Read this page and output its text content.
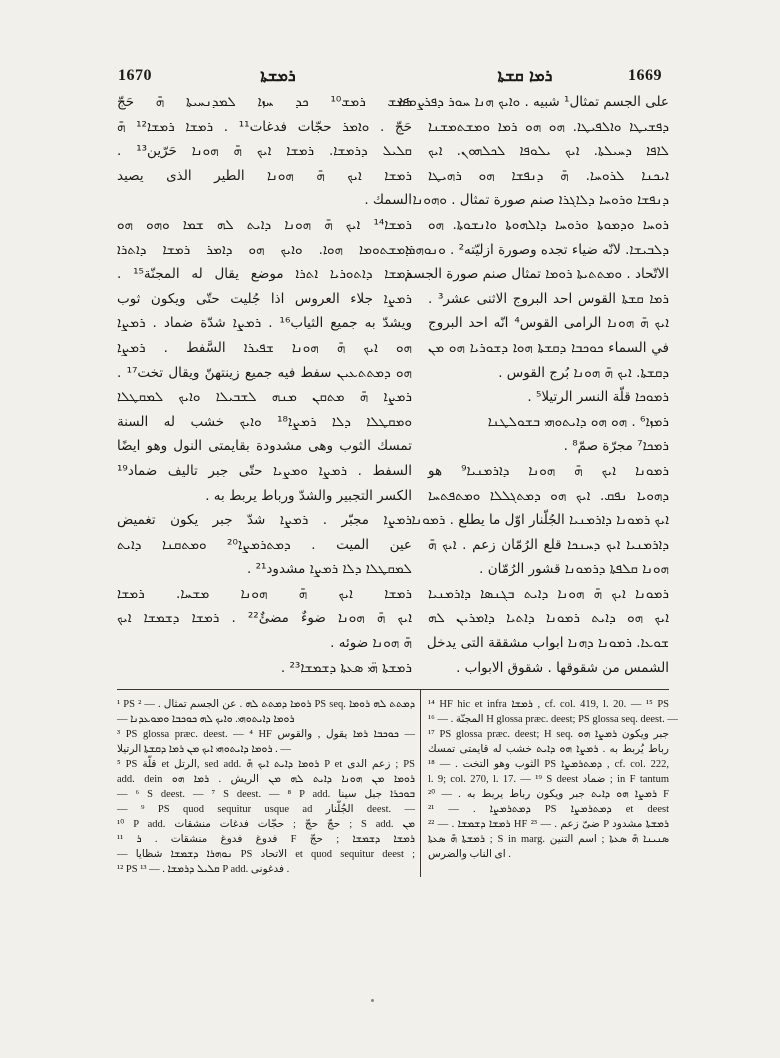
1670	ܪܡܫܬܐ	ܪܡܐ ܩܫܬܐ	1669
ܪܡܫ ܪܡܫ¹⁰ ܟܕ ܚܙܐ ܠܡܕܢܚܝܬܐ ܗ̄ حَجّ
حَجّ . ܘܐܡܪ حجّات فدغات¹¹ . ܪܡܫܐ ܪܡܫܐ¹² ܗ̄
ܩܠܝܠ ܕܪܡܫܐ. ܪܡܫܐ ܐܝܟ ܗ̄ ܗܘܢܐ حَرّين¹³ .
ܪܡܫܐ ܐܝܟ ܗ̄ ܗܘܢܐ الطير الذى يصيد
السمك .
ܪܡܫܐ¹⁴ ܐܝܟ ܗ̄ ܗܘܢܐ ܕܐܝܬ ܠܗ ܫܡܐ ܘܗܘ ܗܘ
ܕܡܫܬܘܡܐ ܗܘܐ. ܘܐܝܟ ܗܘ ܕܐܡܪ ܪܡܫܐ ܕܐܬܪܐ
ܪܡܫܐ ܕܐܬܘܪܝܐ ܐܬܪܐ موضع يقال له المجنّة¹⁵ .
ܪܡܨܐ جلاء العروس اذا جُليت حتّى ويكون ثوب
ويشدّ به جميع الثياب¹⁶ . ܪܡܨܐ شدّة ضماد . ܪܡܨܐ
ܗܘ ܐܝܟ ܗ̄ ܗܘܢܐ ܫܦܝܪܐ السَّفط . ܪܡܨܐ
ܗܘ ܕܡܬܬܥܝܢ سفط فيه جميع زينتهنّ ويقال تخت¹⁷ .
ܪܡܨܐ ܗ̄ ܡܬܩܢ ܡܢܗ ܠܫܒܝܠܐ ܘܐܝܟ ܠܡܩܛܠܐ
ܘܡܩܛܠܐ ܕܠܐ ܪܡܨܐ¹⁸ ܘܐܝܟ خشب له السنة
تمسك الثوب وهى مشدودة بقايمتى النول وهو ايضًا
السفط . ܪܡܨܐ ܘܡܨܝܐ حتّى جبر تاليف ضماد¹⁹
الكسر التجبير والشدّ ورباط يربط به .
ܪܡܨܐ مجبّر . ܪܡܨܐ شدّ جبر يكون تغميض
عين الميت . ܕܡܬܪܡܨܐ²⁰ ܘܡܬܩܢܐ ܕܐܝܬ
ܠܡܩܛܠܐ ܕܠܐ ܪܡܨܐ مشدود²¹ .
ܪܡܫܐ ܐܝܟ ܗ̄ ܗܘܢܐ ܡܫܚܐ. ܪܡܫܐ
ܐܝܟ ܗ̄ ܗܘܢܐ ضوءٌ مضئٌ²² . ܪܡܫܐ ܕܫܡܫܐ ܐܝܟ
ܗ̄ ܗܘܢܐ ضوئه .
ܪܡܫܬܐ ܗ̈ܝ ܣܥܬܐ ܕܫܡܫܐ²³ .
على الجسم تمثال¹ شبيه . ܘܐܝܟ ܗܢܐ ܚܘܪ ܕܦܪܨܘܦܐ
ܕܦܫܝܛܐ ܘܐܠܦܝܛܐ. ܗܘ ܗܘ ܪܡܐ ܘܡܫܬܡܫܢܐ
ܠܐܦܐ ܕܚܝܠܬܐ. ܐܝܟ ܝܠܘܦܐ ܠܟܠܗܘܢ. ܐܝܟ
ܐܝܟܢܐ ܠܪܘܚܐ. ܗ̄ ܕܢܦܫܐ ܗܘ ܪܗܝܛܐ
ܕܢܦܫܐ ܘܪܘܚܐ ܕܠܐܓܪܐ صنم صورة تمثال . ܘܗܘܢܐ
ܪܘܚܐ ܘܕܡܘܬܐ ܘܪܘܚܐ ܕܐܠܗܘܬܐ ܘܐܢܫܘܬܐ. ܗܘ
ܕܠܒܝܫܐ. لانّه ضياء تجده وصورة ازليّته² . ܘܢܘܗܪܐ
الاتّحاد . ܘܡܬܬܝܬܐ ܪܘܡܐ تمثال صنم صورة الجسم .
ܪܡܐ ܩܫܬܐ القوس احد البروج الاثنى عشر³ .
ܐܝܟ ܗ̄ ܗܘܢܐ الرامى القوس⁴ انّه احد البروج
في السماء ܟܘܟܒܐ ܕܩܫܬܐ ܗܘܐ ܕܫܘܪܝܐ ܗܘ ܡܢ
ܕܩܫܬܐ. ܐܝܟ ܗ̄ ܗܘܢܐ بُرج القوس .
ܪܡܘܟܐ قلّة النسر الرتيلا⁵ .
ܪܡܙܐ⁶ . ܗܘ ܗܘ ܕܐܝܬܘܗܝ ܒܫܘܠܛܢܐ
ܪܡܟܐ⁷ مجرّة صمّ⁸ .
ܪܡܘܢܐ ܐܝܟ ܗ̄ ܗܘܢܐ ܕܐܪܡܢܝܐ⁹ هو
ܕܗܘܝܐ ܢܦܩ. ܐܝܟ ܗܘ ܕܡܬܓܠܠܐ ܘܡܬܦܬܚܐ
ܐܝܟ ܪܡܘܢܐ ܕܐܪܡܢܝܐ الجُلّنار اوّل ما يطلع . ܪܡܘܢܐ
ܕܐܪܡܢܝܐ ܐܝܟ ܕܚܢܟܐ قلع الرُمّان زعم . ܐܝܟ ܗ̄
ܗܘܢܐ ܩܠܦܬܐ ܕܪܡܘܢܐ قشور الرُمّان .
ܪܡܘܢܐ ܐܝܟ ܗ̄ ܗܘܢܐ ܕܐܝܬ ܒܓܢܣܐ ܕܐܪܡܢܝܐ
ܐܝܟ ܗܘ ܕܐܝܬ ܪܡܘܢܐ ܕܐܬܝܐ ܕܐܡܪܝܢ ܠܗ
ܫܘܥܐ. ܪܡܘܢܐ ܕܗܢܐ ابواب مشققة التى يدخل
الشمس من شقوقها . شقوق الابواب .
¹ PS ܪܘܡܐ ܕܡܬܬ ܠܗ . عن الجسم تمثال . — ² PS seq. ܕܡܬܬ ܠܗ ܪܘܡܐ
— ܪܘܡܐ ܕܐܝܬܘܗܝ. ܘܐܝܟ ܠܗ ܟܘܟܒܐ ܘܡܘܥܕܢܐ
³ PS glossa præc. deest. — ⁴ HF ܟܘܟܒܐ ܪܡܐ يقول , والقوس —
ܪܘܡܐ ܕܐܝܬܘܗܝ ܐܝܟ ܡܢ ܪܡܐ ܕܩܫܬܐ الرتيلا . —
⁵ PS قلّة et الرتل, sed add. ܪܘܡܐ ܕܐܝܬ ܐܝܟ ܗ̄ P et زعم الدى ; PS
add. dein ܪܘܡܐ ܡܢ ܗܘܢܐ ܕܐܝܬ ܠܗ ܡܢ الريش . ܪܡܐ ܗܘ
— ⁶ S deest. — ⁷ S deest. — ⁸ P add. ܒܘܟܪܐ جبل سينا
— ⁹ PS quod sequitur usque ad الجُلّنار deest. —
¹⁰ P add. حجّ حجّ ; حجّات فدغات منشقات ; S add. ܡܢ
فدوغ فدوغ منشقات . ܪ ¹¹ F ܪܡܫܐ ܕܫܡܫܐ ; حجّ
— ܢܘܗܪܐ ܕܫܡܫܐ شظايا PS الاتحاد et quod sequitur deest ;
¹² PS ܩܠܝܠ ܕܪܡܫܐ . — ¹³ P add. فدغونى .
¹⁴ HF hic et infra ܪܡܫܐ , cf. col. 419, l. 20. — ¹⁵ PS
المجنّة . — ¹⁶ H glossa præc. deest; PS glossa seq. deest. —
¹⁷ PS glossa præc. deest; H seq. جبر ويكون ܪܡܨܐ ܗܘ
رباط يُربط به . ܪܡܨܐ ܗܘ ܕܐܝܬ خشب له قايمتى تمسك
الثوب وهو التخت . — ¹⁸ PS ܕܡܬܪܡܨܐ , cf. col. 222,
l. 9; col. 270, l. 17. — ¹⁹ S deest ضماد ; in F tantum
ܪܡܨܐ ܗܘ ܕܐܝܬ جبر ويكون رباط يربط به . — ²⁰ F
ܕܡܬܪܡܨܐ . — ²¹ PS ܕܡܬܪܡܨܐ et deest
ܪܡܫܐ ܕܫܡܫܐ . — ²² HF ضىّ زعم . — ²³ P ܪܡܫܬܐ مشدود
ܪܡܫܬܐ ܗ̄ ܣܥܬܐ ; S in marg. ܣܢܝܢܐ ܗ̄ ܣܥܬܐ ; اسم التنين
اى الناب والضرس .
